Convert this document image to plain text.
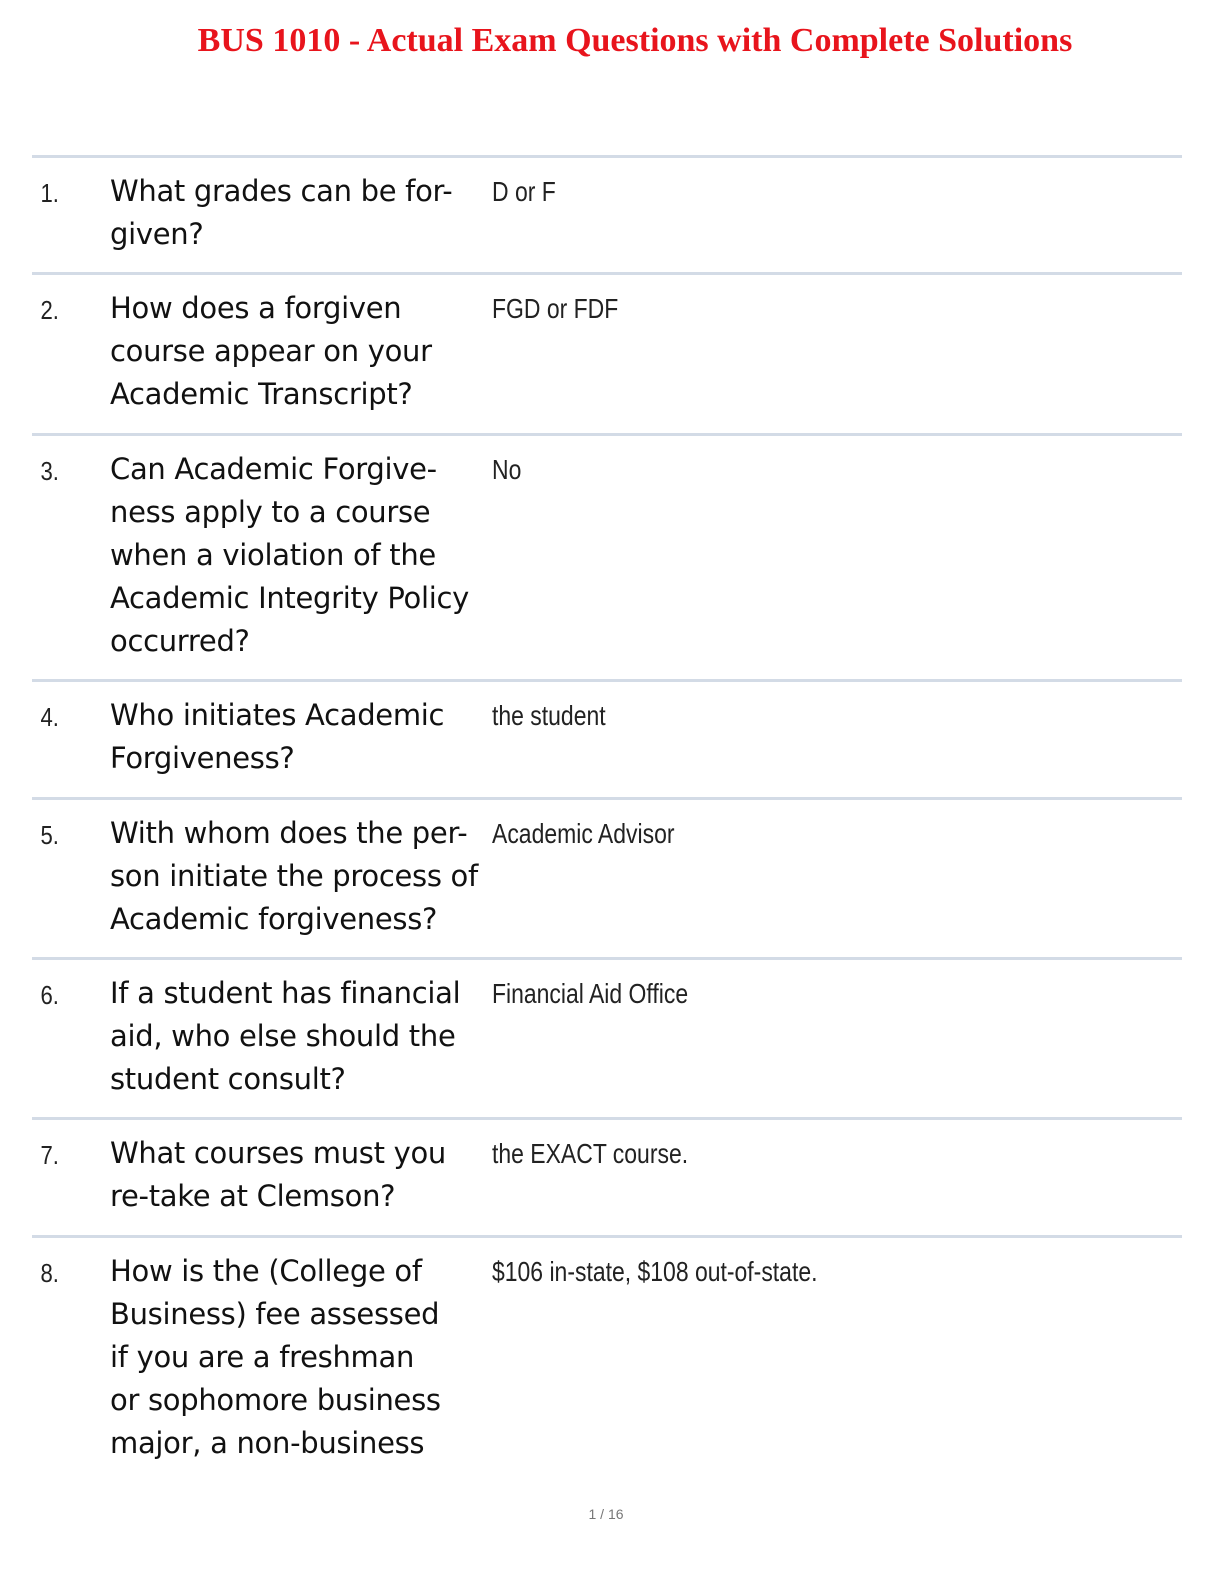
BUS 1010 - Actual Exam Questions with Complete Solutions
1.	What grades can be for-
given?
D or F
2.	How does a forgiven
course appear on your
Academic Transcript?
FGD or FDF
3.	Can Academic Forgive-
ness apply to a course
when a violation of the
Academic Integrity Policy
occurred?
No
4.	Who initiates Academic
Forgiveness?
the student
5.	With whom does the per-
son initiate the process of
Academic forgiveness?
Academic Advisor
6.	If a student has financial
aid, who else should the
student consult?
Financial Aid Office
7.	What courses must you
re-take at Clemson?
the EXACT course.
8.	How is the (College of
Business) fee assessed
if you are a freshman
or sophomore business
major, a non-business
$106 in-state, $108 out-of-state.
1 / 16
